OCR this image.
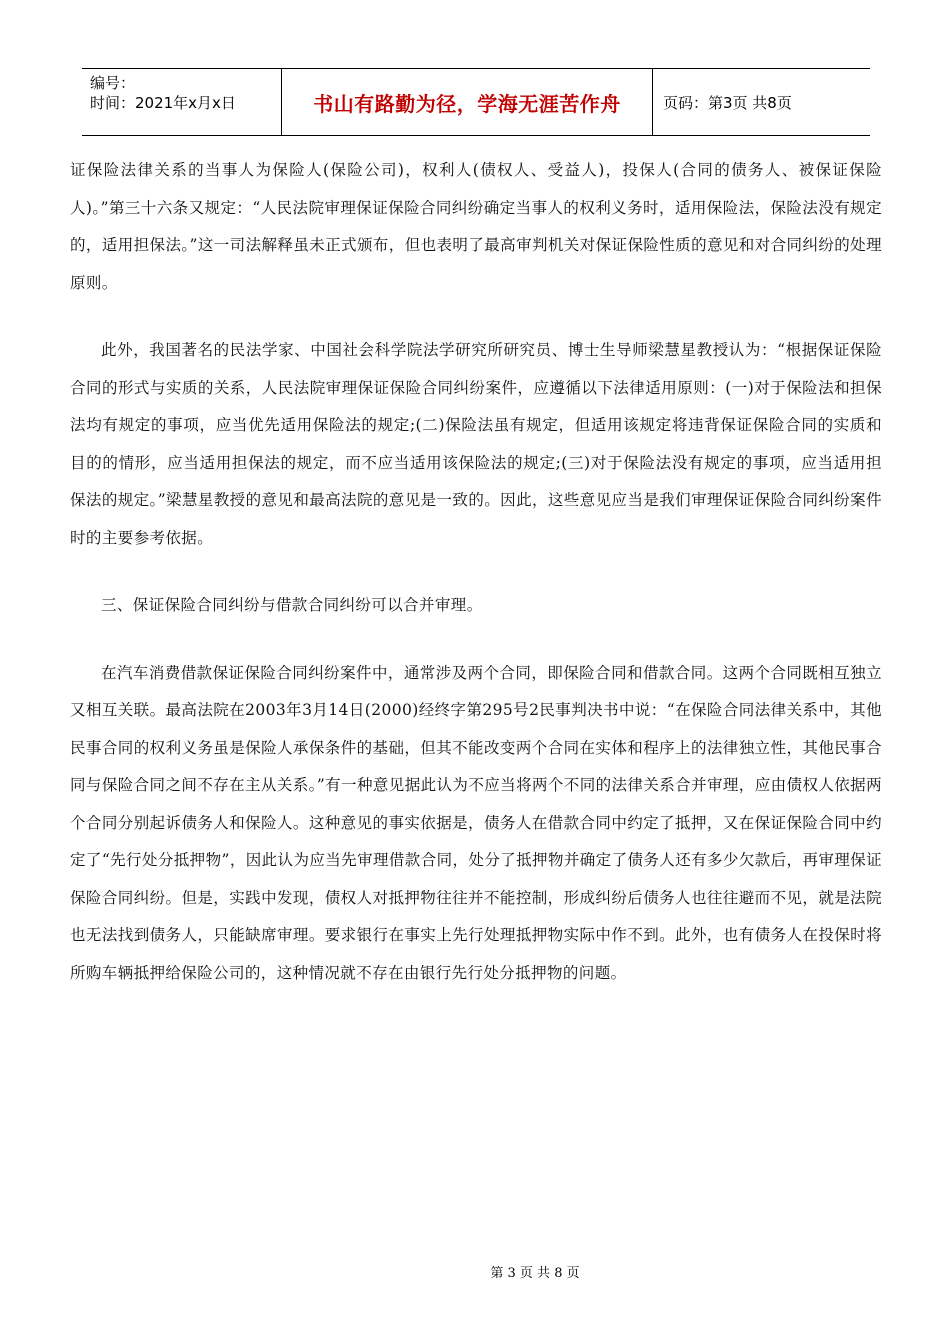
编号：
时间：2021年x月x日	书山有路勤为径，学海无涯苦作舟	页码：第3页 共8页

证保险法律关系的当事人为保险人(保险公司)，权利人(债权人、受益人)，投保人(合同的债务人、被保证保险人)。”第三十六条又规定：“人民法院审理保证保险合同纠纷确定当事人的权利义务时，适用保险法，保险法没有规定的，适用担保法。”这一司法解释虽未正式颁布，但也表明了最高审判机关对保证保险性质的意见和对合同纠纷的处理原则。

此外，我国著名的民法学家、中国社会科学院法学研究所研究员、博士生导师梁慧星教授认为：“根据保证保险合同的形式与实质的关系，人民法院审理保证保险合同纠纷案件，应遵循以下法律适用原则：(一)对于保险法和担保法均有规定的事项，应当优先适用保险法的规定;(二)保险法虽有规定，但适用该规定将违背保证保险合同的实质和目的的情形，应当适用担保法的规定，而不应当适用该保险法的规定;(三)对于保险法没有规定的事项，应当适用担保法的规定。”梁慧星教授的意见和最高法院的意见是一致的。因此，这些意见应当是我们审理保证保险合同纠纷案件时的主要参考依据。

三、保证保险合同纠纷与借款合同纠纷可以合并审理。

在汽车消费借款保证保险合同纠纷案件中，通常涉及两个合同，即保险合同和借款合同。这两个合同既相互独立又相互关联。最高法院在2003年3月14日(2000)经终字第295号2民事判决书中说：“在保险合同法律关系中，其他民事合同的权利义务虽是保险人承保条件的基础，但其不能改变两个合同在实体和程序上的法律独立性，其他民事合同与保险合同之间不存在主从关系。”有一种意见据此认为不应当将两个不同的法律关系合并审理，应由债权人依据两个合同分别起诉债务人和保险人。这种意见的事实依据是，债务人在借款合同中约定了抵押，又在保证保险合同中约定了“先行处分抵押物”，因此认为应当先审理借款合同，处分了抵押物并确定了债务人还有多少欠款后，再审理保证保险合同纠纷。但是，实践中发现，债权人对抵押物往往并不能控制，形成纠纷后债务人也往往避而不见，就是法院也无法找到债务人，只能缺席审理。要求银行在事实上先行处理抵押物实际中作不到。此外，也有债务人在投保时将所购车辆抵押给保险公司的，这种情况就不存在由银行先行处分抵押物的问题。

第 3 页 共 8 页
